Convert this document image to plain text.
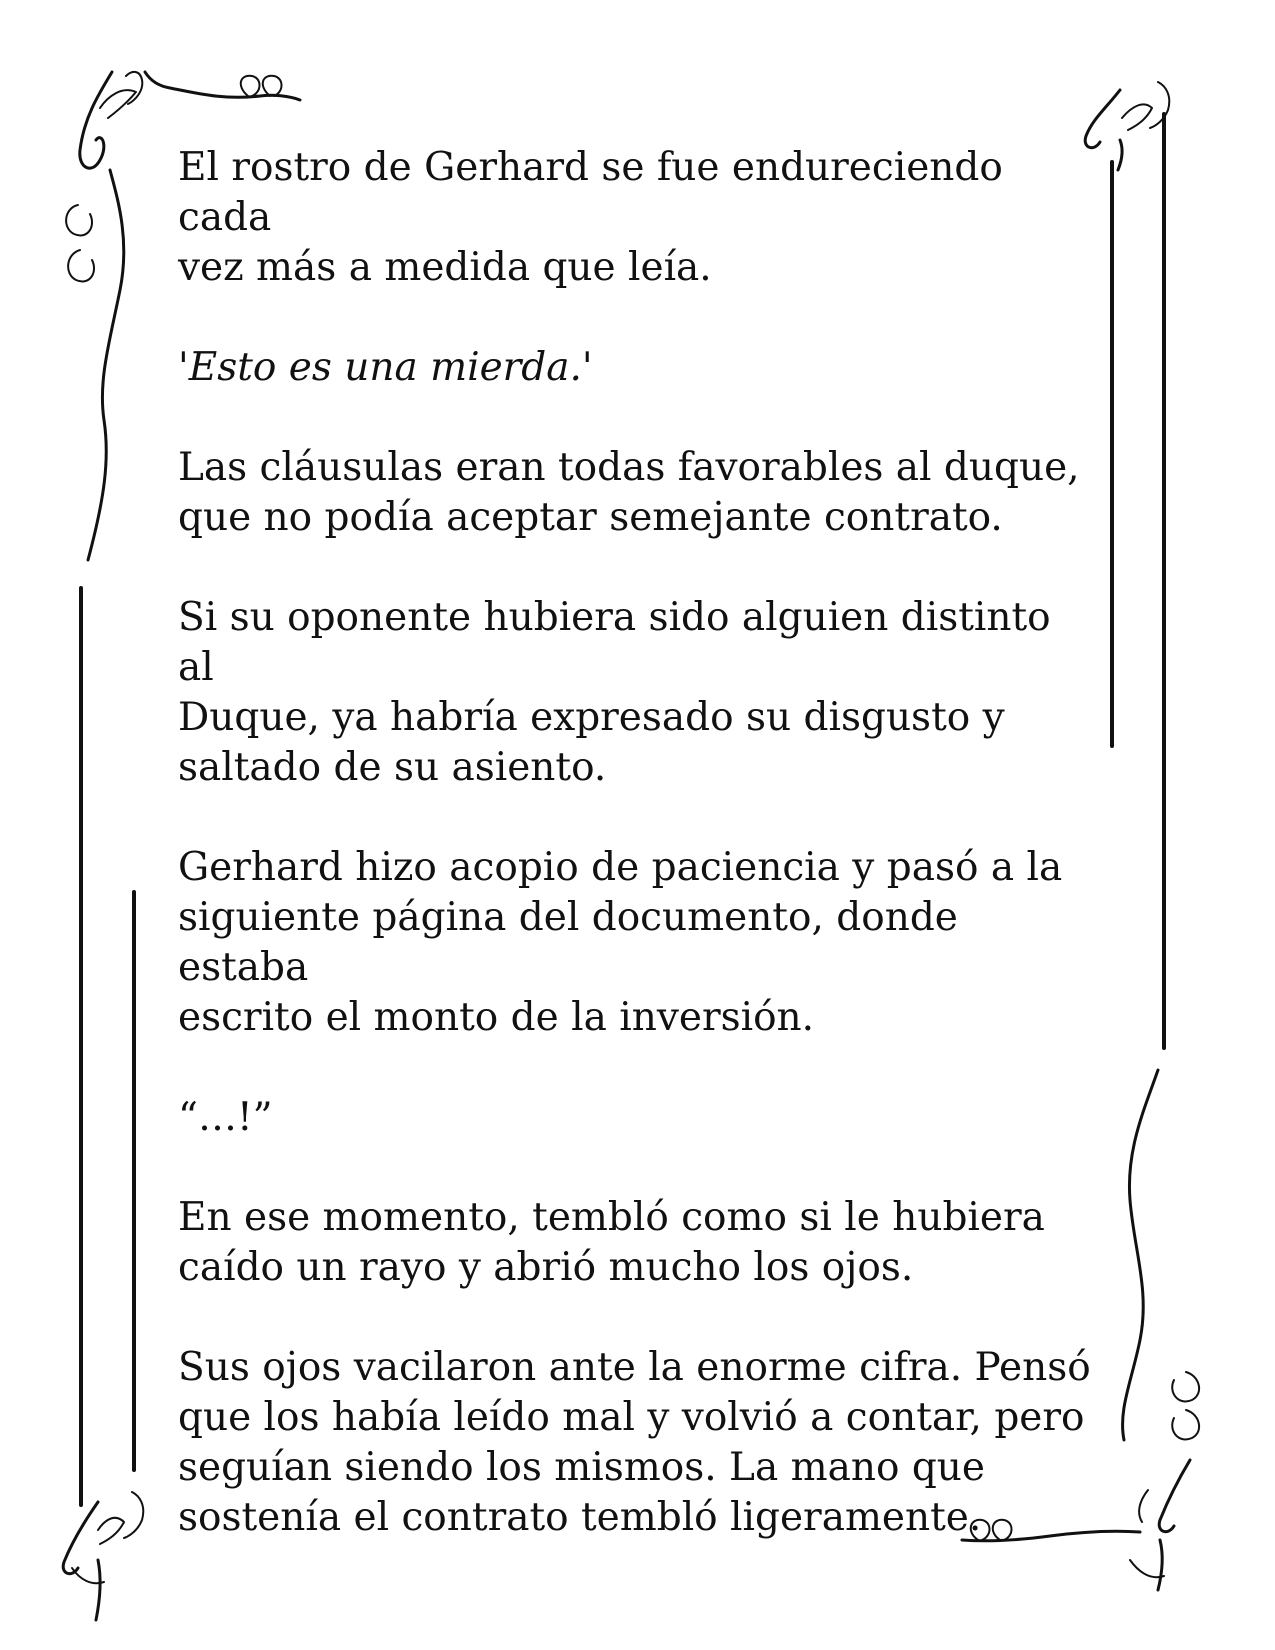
El rostro de Gerhard se fue endureciendo cada
vez más a medida que leía.

'Esto es una mierda.'

Las cláusulas eran todas favorables al duque,
que no podía aceptar semejante contrato.

Si su oponente hubiera sido alguien distinto al
Duque, ya habría expresado su disgusto y
saltado de su asiento.

Gerhard hizo acopio de paciencia y pasó a la
siguiente página del documento, donde estaba
escrito el monto de la inversión.

“…!”

En ese momento, tembló como si le hubiera
caído un rayo y abrió mucho los ojos.

Sus ojos vacilaron ante la enorme cifra. Pensó
que los había leído mal y volvió a contar, pero
seguían siendo los mismos. La mano que
sostenía el contrato tembló ligeramente.
